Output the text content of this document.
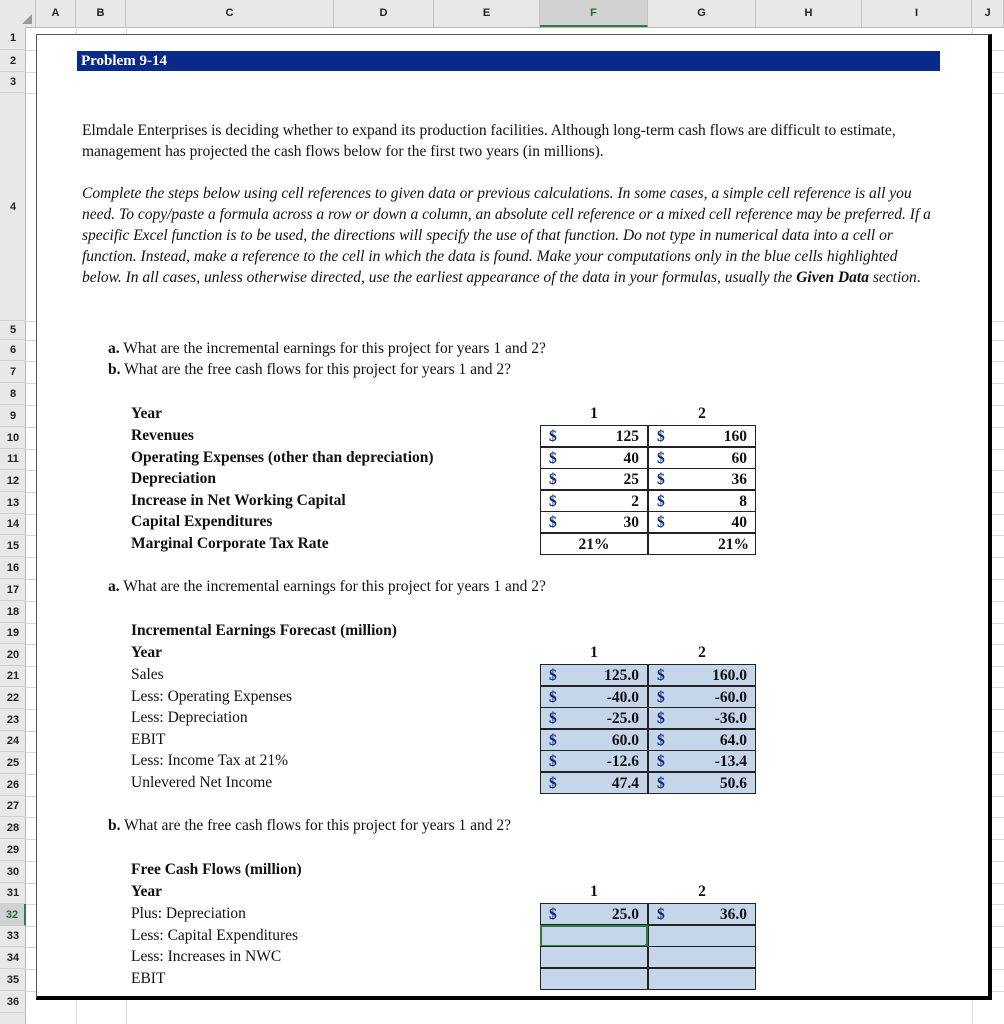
A	B	C	D	E	F	G	H	I	J
1
2
3
4
5
6
7
8
9
10
11
12
13
14
15
16
17
18
19
20
21
22
23
24
25
26
27
28
29
30
31
32
33
34
35
36
Problem 9-14
Elmdale Enterprises is deciding whether to expand its production facilities. Although long-term cash flows are difficult to estimate, management has projected the cash flows below for the first two years (in millions).
Complete the steps below using cell references to given data or previous calculations. In some cases, a simple cell reference is all you need. To copy/paste a formula across a row or down a column, an absolute cell reference or a mixed cell reference may be preferred. If a specific Excel function is to be used, the directions will specify the use of that function. Do not type in numerical data into a cell or function. Instead, make a reference to the cell in which the data is found. Make your computations only in the blue cells highlighted below. In all cases, unless otherwise directed, use the earliest appearance of the data in your formulas, usually the Given Data section.
a. What are the incremental earnings for this project for years 1 and 2?
b. What are the free cash flows for this project for years 1 and 2?
Year	1	2
Revenues	$	125 $	160
Operating Expenses (other than depreciation)	$	40 $	60
Depreciation	$	25 $	36
Increase in Net Working Capital	$	2 $	8
Capital Expenditures	$	30 $	40
Marginal Corporate Tax Rate	21%	21%
a. What are the incremental earnings for this project for years 1 and 2?
Incremental Earnings Forecast (million)
Year	1	2
Sales	$	125.0 $	160.0
Less: Operating Expenses	$	-40.0 $	-60.0
Less: Depreciation	$	-25.0 $	-36.0
EBIT	$	60.0 $	64.0
Less: Income Tax at 21%	$	-12.6 $	-13.4
Unlevered Net Income	$	47.4 $	50.6
b. What are the free cash flows for this project for years 1 and 2?
Free Cash Flows (million)
Year	1	2
Plus: Depreciation	$	25.0 $	36.0
Less: Capital Expenditures
Less: Increases in NWC
EBIT
